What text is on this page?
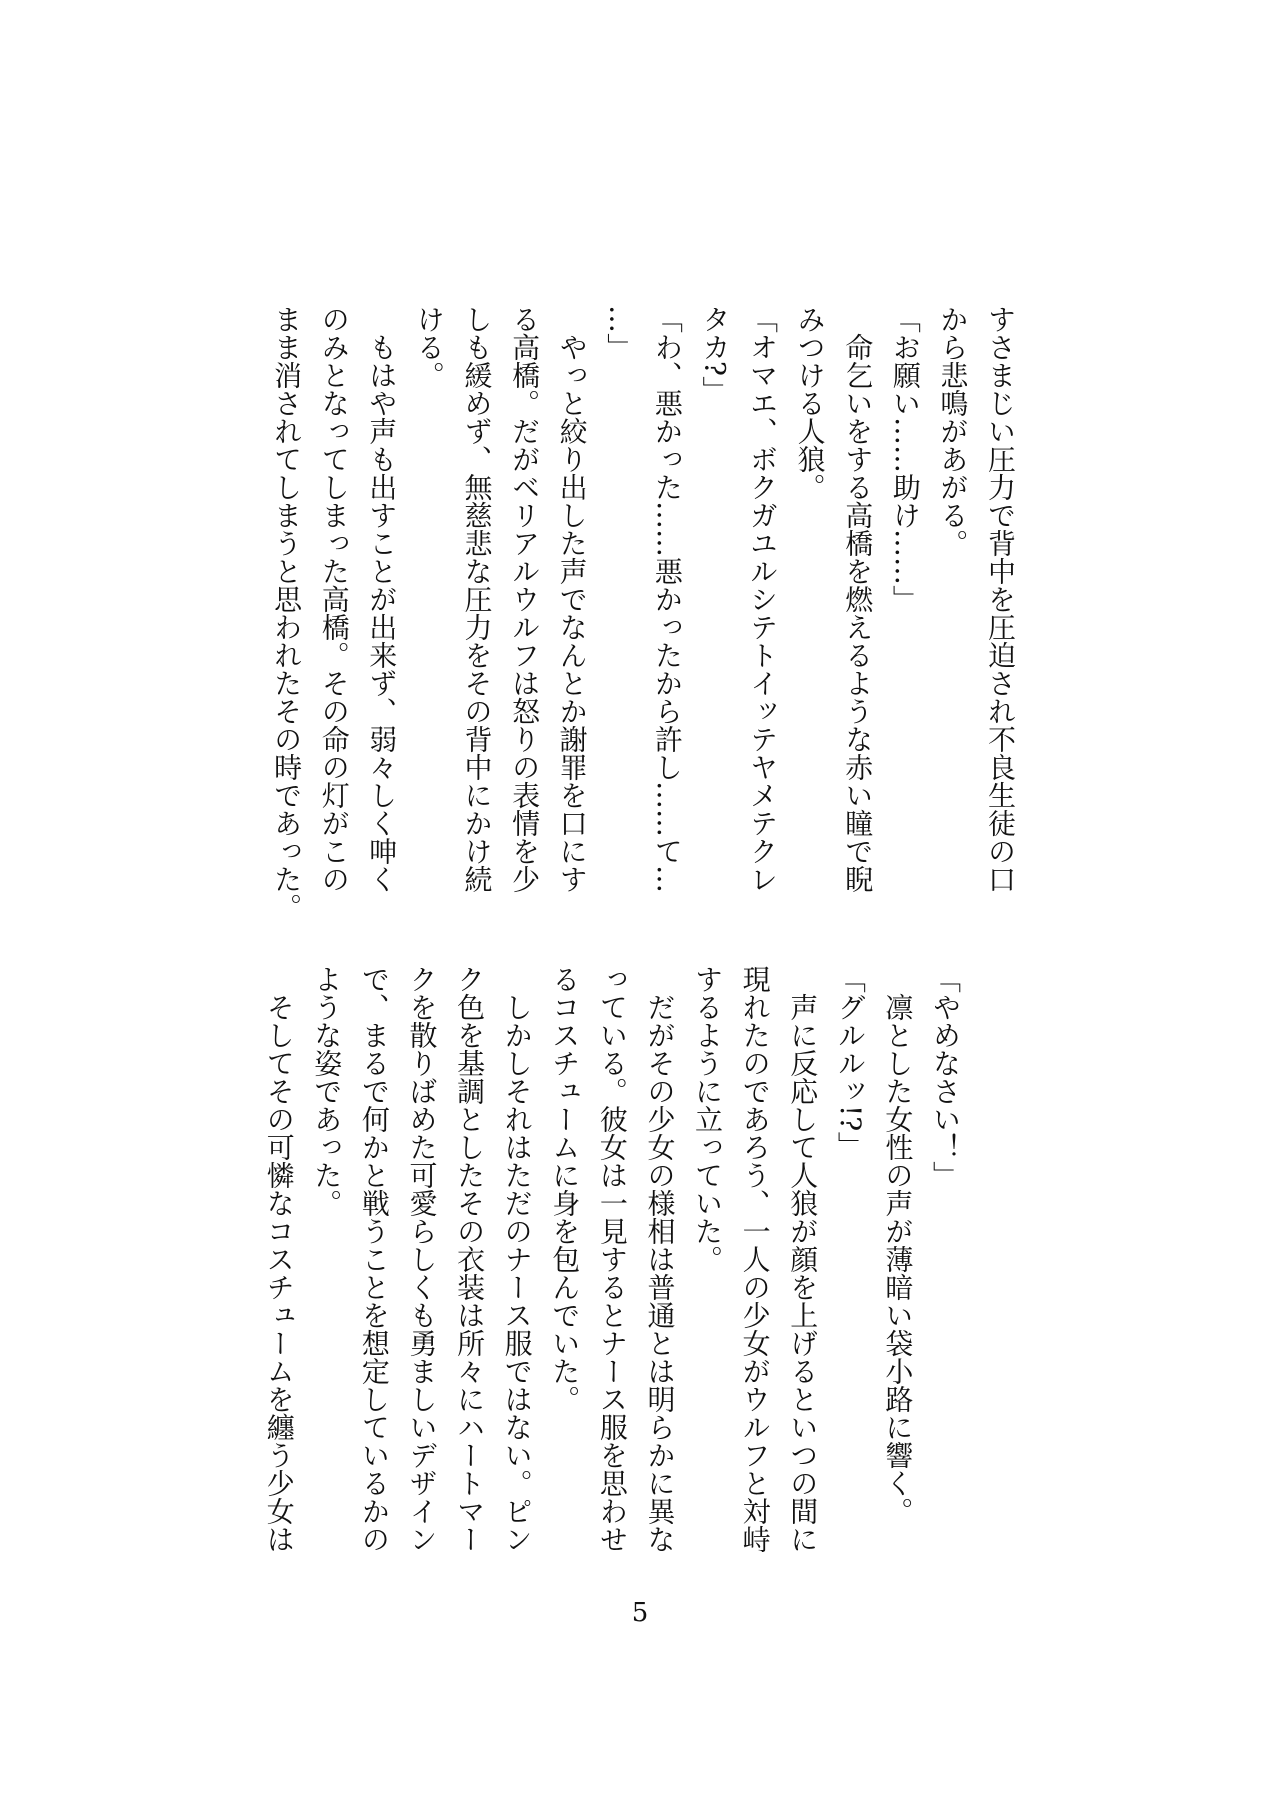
すさまじい圧力で背中を圧迫され不良生徒の口
から悲鳴があがる。
「お願い……助け……」
　命乞いをする高橋を燃えるような赤い瞳で睨
みつける人狼。
「オマエ、ボクガユルシテトイッテヤメテクレ
タカ?」
「わ、悪かった……悪かったから許し……て…
…」
　やっと絞り出した声でなんとか謝罪を口にす
る高橋。だがベリアルウルフは怒りの表情を少
しも緩めず、無慈悲な圧力をその背中にかけ続
ける。
　もはや声も出すことが出来ず、弱々しく呻く
のみとなってしまった高橋。その命の灯がこの
まま消されてしまうと思われたその時であった。
「やめなさい！」
　凛とした女性の声が薄暗い袋小路に響く。
「グルルッ!?」
　声に反応して人狼が顔を上げるといつの間に
現れたのであろう、一人の少女がウルフと対峙
するように立っていた。
　だがその少女の様相は普通とは明らかに異な
っている。彼女は一見するとナース服を思わせ
るコスチュームに身を包んでいた。
　しかしそれはただのナース服ではない。ピン
ク色を基調としたその衣装は所々にハートマー
クを散りばめた可愛らしくも勇ましいデザイン
で、まるで何かと戦うことを想定しているかの
ような姿であった。
　そしてその可憐なコスチュームを纏う少女は
5
